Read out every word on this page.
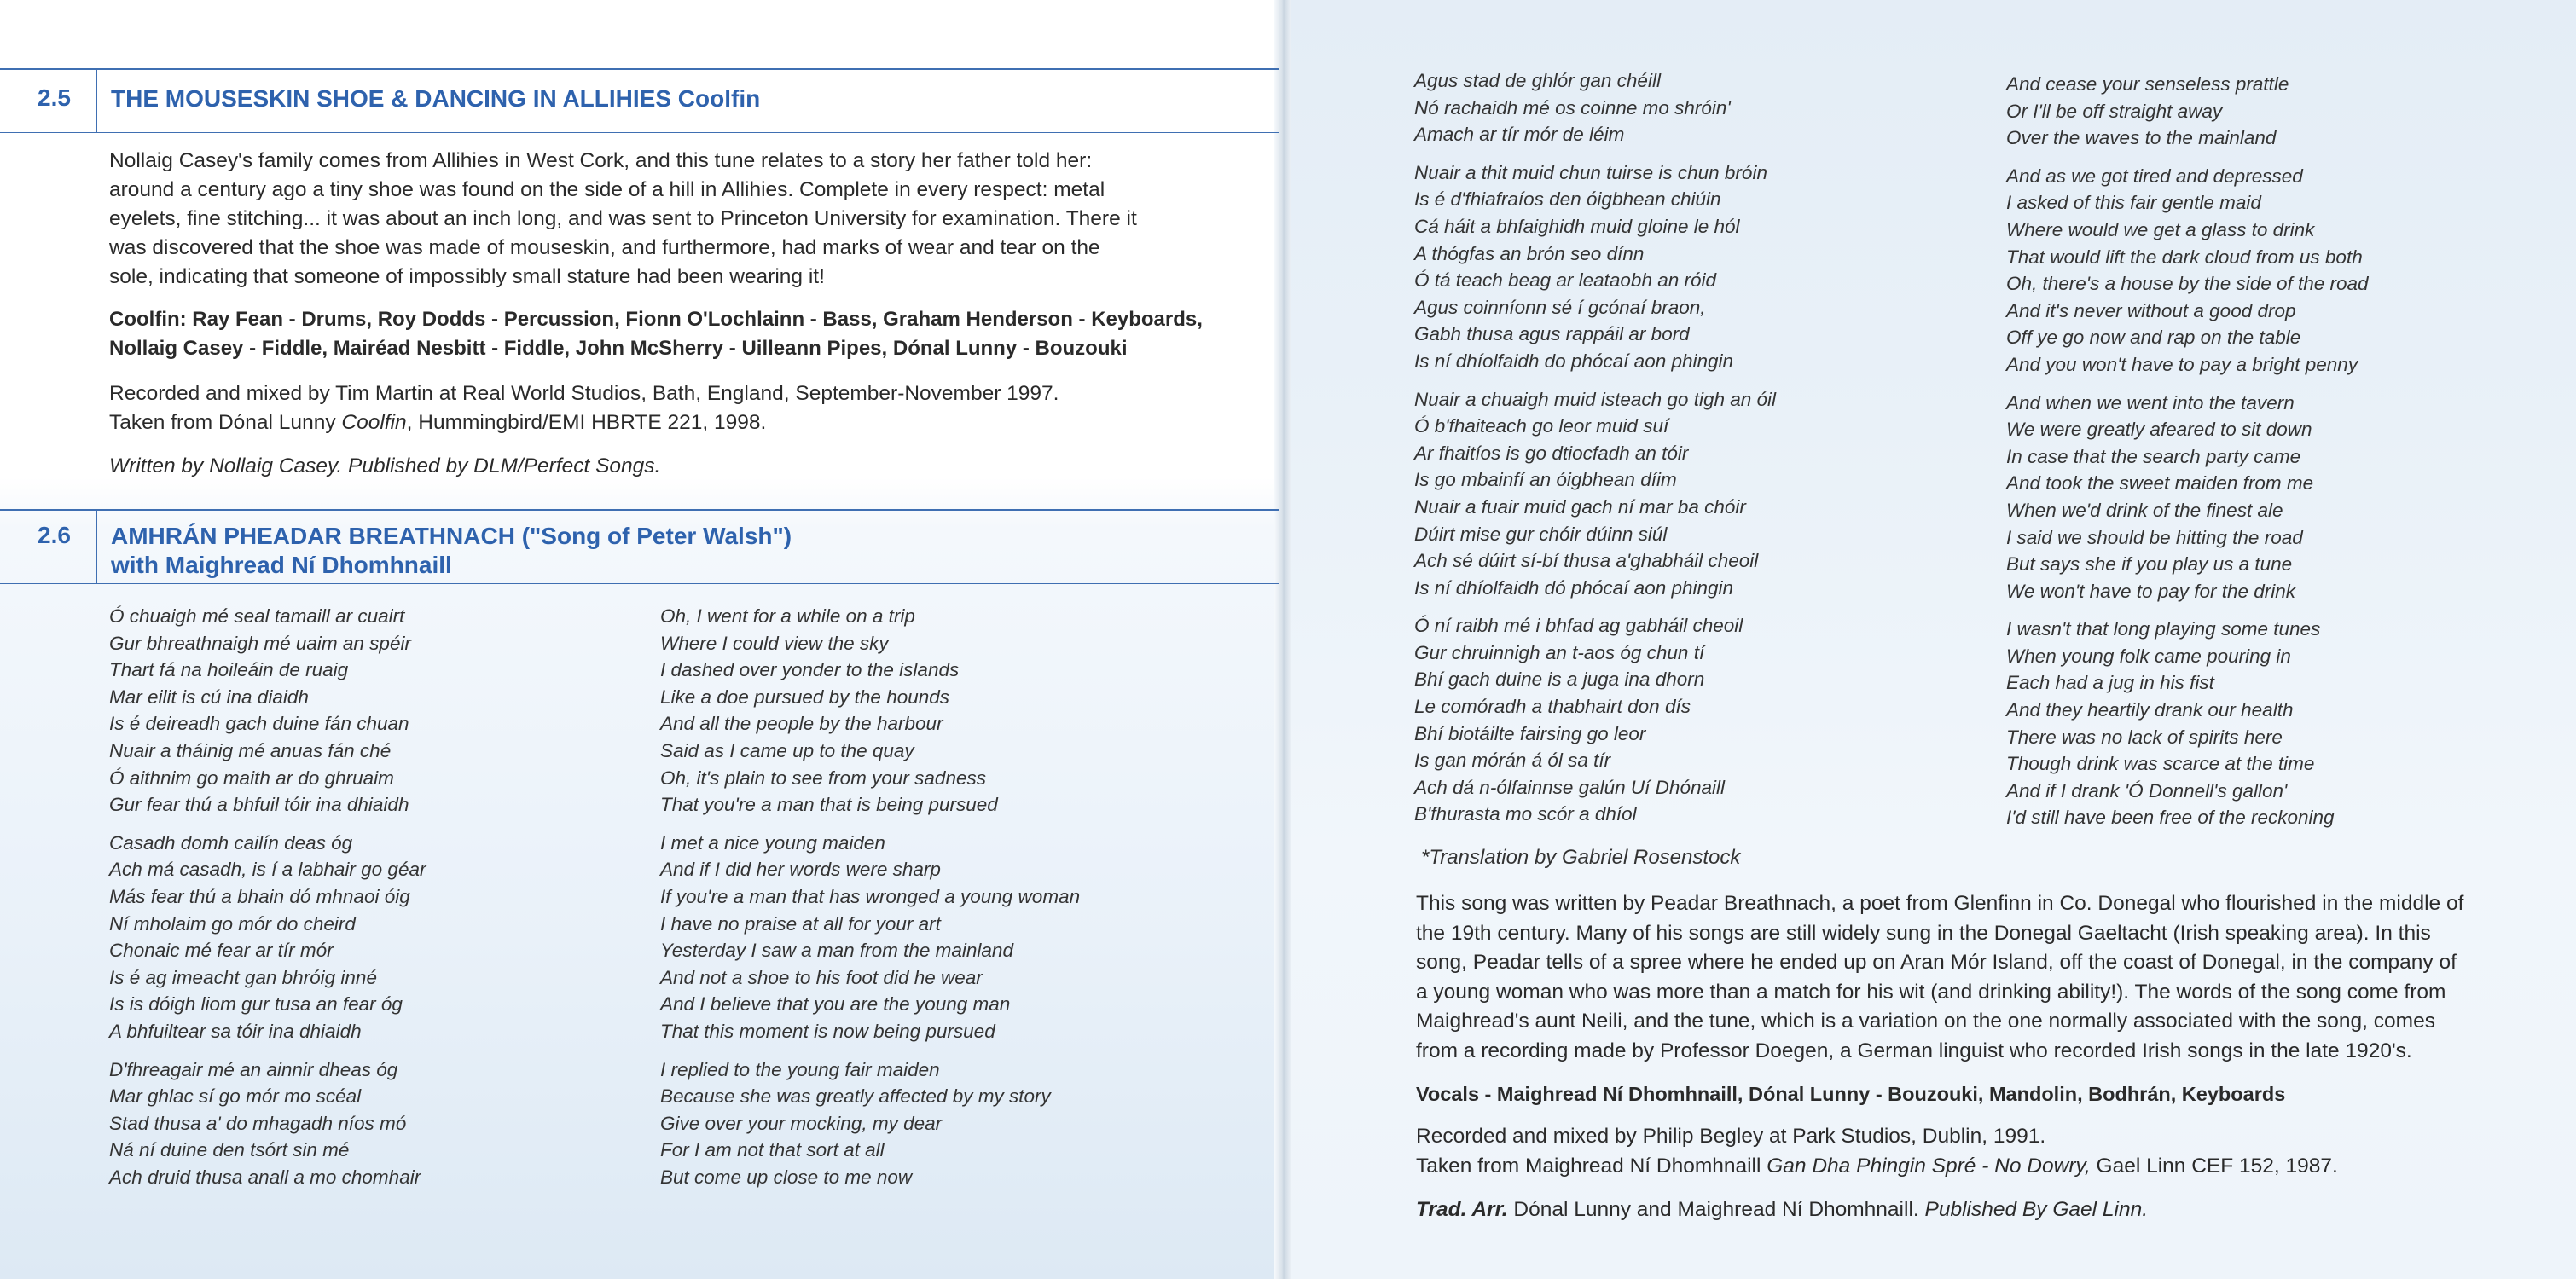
2.5	THE MOUSESKIN SHOE & DANCING IN ALLIHIES Coolfin
Nollaig Casey's family comes from Allihies in West Cork, and this tune relates to a story her father told her:
around a century ago a tiny shoe was found on the side of a hill in Allihies. Complete in every respect: metal
eyelets, fine stitching... it was about an inch long, and was sent to Princeton University for examination. There it
was discovered that the shoe was made of mouseskin, and furthermore, had marks of wear and tear on the
sole, indicating that someone of impossibly small stature had been wearing it!
Coolfin: Ray Fean - Drums, Roy Dodds - Percussion, Fionn O'Lochlainn - Bass, Graham Henderson - Keyboards,
Nollaig Casey - Fiddle, Mairéad Nesbitt - Fiddle, John McSherry - Uilleann Pipes, Dónal Lunny - Bouzouki
Recorded and mixed by Tim Martin at Real World Studios, Bath, England, September-November 1997.
Taken from Dónal Lunny Coolfin, Hummingbird/EMI HBRTE 221, 1998.
Written by Nollaig Casey. Published by DLM/Perfect Songs.
2.6	AMHRÁN PHEADAR BREATHNACH ("Song of Peter Walsh")
with Maighread Ní Dhomhnaill
Ó chuaigh mé seal tamaill ar cuairt
Gur bhreathnaigh mé uaim an spéir
Thart fá na hoileáin de ruaig
Mar eilit is cú ina diaidh
Is é deireadh gach duine fán chuan
Nuair a tháinig mé anuas fán ché
Ó aithnim go maith ar do ghruaim
Gur fear thú a bhfuil tóir ina dhiaidh
Casadh domh cailín deas óg
Ach má casadh, is í a labhair go géar
Más fear thú a bhain dó mhnaoi óig
Ní mholaim go mór do cheird
Chonaic mé fear ar tír mór
Is é ag imeacht gan bhróig inné
Is is dóigh liom gur tusa an fear óg
A bhfuiltear sa tóir ina dhiaidh
D'fhreagair mé an ainnir dheas óg
Mar ghlac sí go mór mo scéal
Stad thusa a' do mhagadh níos mó
Ná ní duine den tsórt sin mé
Ach druid thusa anall a mo chomhair
Oh, I went for a while on a trip
Where I could view the sky
I dashed over yonder to the islands
Like a doe pursued by the hounds
And all the people by the harbour
Said as I came up to the quay
Oh, it's plain to see from your sadness
That you're a man that is being pursued
I met a nice young maiden
And if I did her words were sharp
If you're a man that has wronged a young woman
I have no praise at all for your art
Yesterday I saw a man from the mainland
And not a shoe to his foot did he wear
And I believe that you are the young man
That this moment is now being pursued
I replied to the young fair maiden
Because she was greatly affected by my story
Give over your mocking, my dear
For I am not that sort at all
But come up close to me now
Agus stad de ghlór gan chéill
Nó rachaidh mé os coinne mo shróin'
Amach ar tír mór de léim
Nuair a thit muid chun tuirse is chun bróin
Is é d'fhiafraíos den óigbhean chiúin
Cá háit a bhfaighidh muid gloine le hól
A thógfas an brón seo dínn
Ó tá teach beag ar leataobh an róid
Agus coinníonn sé í gcónaí braon,
Gabh thusa agus rappáil ar bord
Is ní dhíolfaidh do phócaí aon phingin
Nuair a chuaigh muid isteach go tigh an óil
Ó b'fhaiteach go leor muid suí
Ar fhaitíos is go dtiocfadh an tóir
Is go mbainfí an óigbhean díim
Nuair a fuair muid gach ní mar ba chóir
Dúirt mise gur chóir dúinn siúl
Ach sé dúirt sí-bí thusa a'ghabháil cheoil
Is ní dhíolfaidh dó phócaí aon phingin
Ó ní raibh mé i bhfad ag gabháil cheoil
Gur chruinnigh an t-aos óg chun tí
Bhí gach duine is a juga ina dhorn
Le comóradh a thabhairt don dís
Bhí biotáilte fairsing go leor
Is gan mórán á ól sa tír
Ach dá n-ólfainnse galún Uí Dhónaill
B'fhurasta mo scór a dhíol
And cease your senseless prattle
Or I'll be off straight away
Over the waves to the mainland
And as we got tired and depressed
I asked of this fair gentle maid
Where would we get a glass to drink
That would lift the dark cloud from us both
Oh, there's a house by the side of the road
And it's never without a good drop
Off ye go now and rap on the table
And you won't have to pay a bright penny
And when we went into the tavern
We were greatly afeared to sit down
In case that the search party came
And took the sweet maiden from me
When we'd drink of the finest ale
I said we should be hitting the road
But says she if you play us a tune
We won't have to pay for the drink
I wasn't that long playing some tunes
When young folk came pouring in
Each had a jug in his fist
And they heartily drank our health
There was no lack of spirits here
Though drink was scarce at the time
And if I drank 'Ó Donnell's gallon'
I'd still have been free of the reckoning
*Translation by Gabriel Rosenstock
This song was written by Peadar Breathnach, a poet from Glenfinn in Co. Donegal who flourished in the middle of
the 19th century. Many of his songs are still widely sung in the Donegal Gaeltacht (Irish speaking area). In this
song, Peadar tells of a spree where he ended up on Aran Mór Island, off the coast of Donegal, in the company of
a young woman who was more than a match for his wit (and drinking ability!). The words of the song come from
Maighread's aunt Neili, and the tune, which is a variation on the one normally associated with the song, comes
from a recording made by Professor Doegen, a German linguist who recorded Irish songs in the late 1920's.
Vocals - Maighread Ní Dhomhnaill, Dónal Lunny - Bouzouki, Mandolin, Bodhrán, Keyboards
Recorded and mixed by Philip Begley at Park Studios, Dublin, 1991.
Taken from Maighread Ní Dhomhnaill Gan Dha Phingin Spré - No Dowry, Gael Linn CEF 152, 1987.
Trad. Arr. Dónal Lunny and Maighread Ní Dhomhnaill. Published By Gael Linn.
